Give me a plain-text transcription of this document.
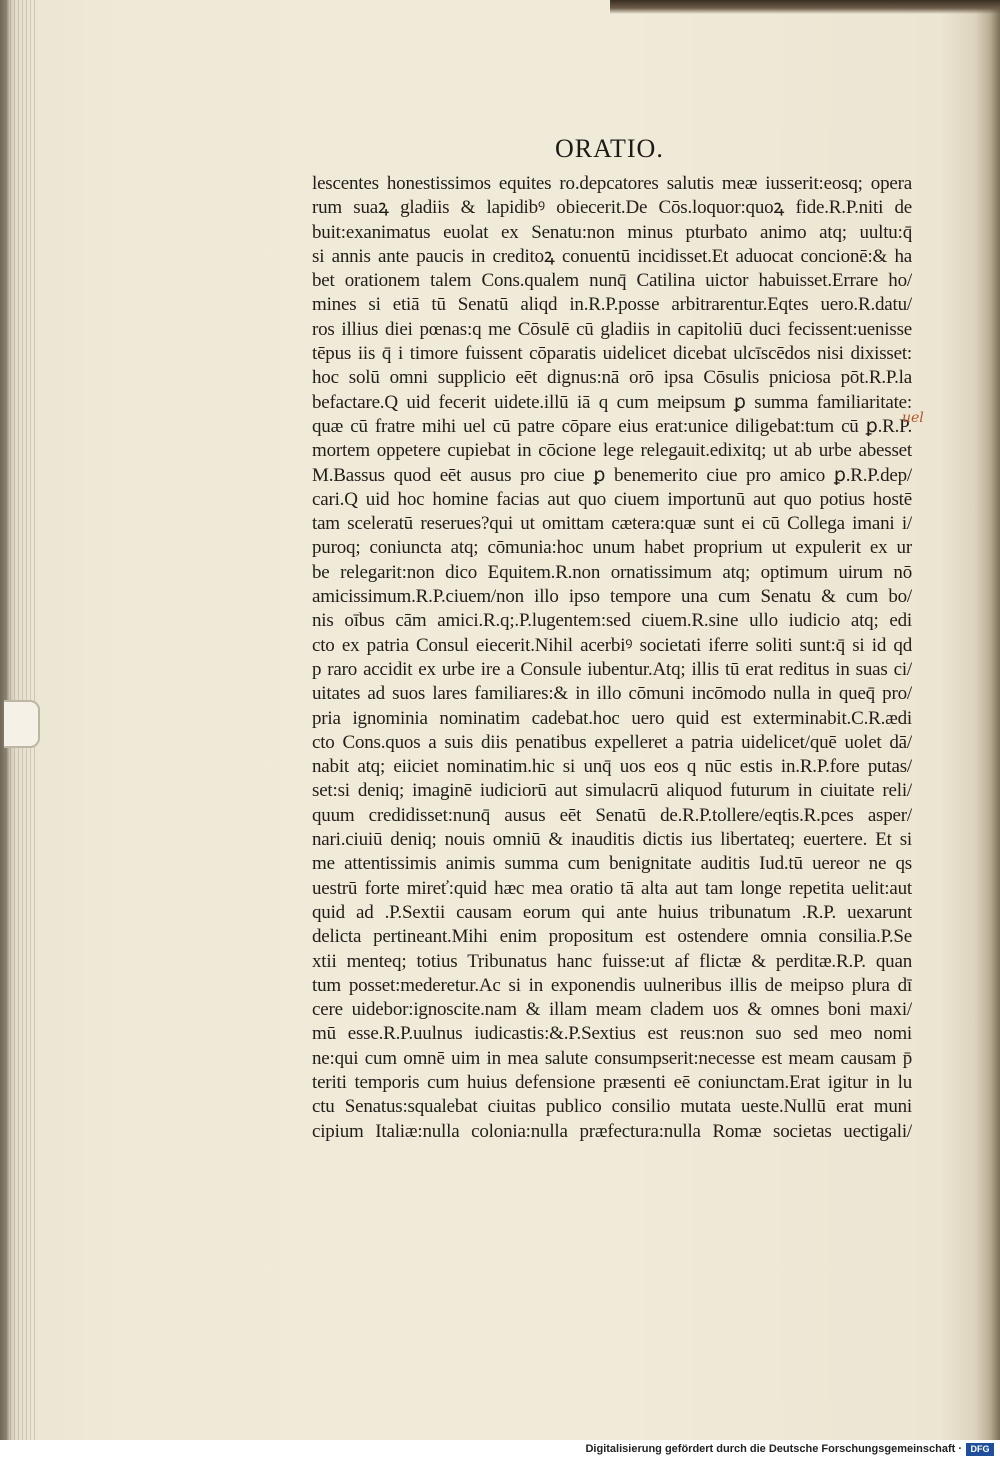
ORATIO.
lescentes honestissimos equites ro.depcatores salutis meæ iusserit:eosq; opera
rum suaꝝ gladiis & lapidibꝰ obiecerit.De Cōs.loquor:quoꝝ fide.R.P.niti de
buit:exanimatus euolat ex Senatu:non minus pturbato animo atq; uultu:q̄
si annis ante paucis in creditoꝝ conuentū incidisset.Et aduocat concionē:& ha
bet orationem talem Cons.qualem nunq̄ Catilina uictor habuisset.Errare ho/
mines si etiā tū Senatū aliqd in.R.P.posse arbitrarentur.Eqtes uero.R.datu/
ros illius diei pœnas:q me Cōsulē cū gladiis in capitoliū duci fecissent:uenisse
tēpus iis q̄ i timore fuissent cōparatis uidelicet dicebat ulcīscēdos nisi dixisset:
hoc solū omni supplicio eēt dignus:nā orō ipsa Cōsulis pniciosa pōt.R.P.la
befactare.Q uid fecerit uidete.illū iā q cum meipsum ꝑ summa familiaritate:
quæ cū fratre mihi uel cū patre cōpare eius erat:unice diligebat:tum cū ꝑ.R.P.
mortem oppetere cupiebat in cōcione lege relegauit.edixitq; ut ab urbe abesset
M.Bassus quod eēt ausus pro ciue ꝑ benemerito ciue pro amico ꝑ.R.P.dep/
cari.Q uid hoc homine facias aut quo ciuem importunū aut quo potius hostē
tam sceleratū reserues?qui ut omittam cætera:quæ sunt ei cū Collega imani i/
puroq; coniuncta atq; cōmunia:hoc unum habet proprium ut expulerit ex ur
be relegarit:non dico Equitem.R.non ornatissimum atq; optimum uirum nō
amicissimum.R.P.ciuem/non illo ipso tempore una cum Senatu & cum bo/
nis oībus cām amici.R.q;.P.lugentem:sed ciuem.R.sine ullo iudicio atq; edi
cto ex patria Consul eiecerit.Nihil acerbiꝰ societati iferre soliti sunt:q̄ si id qd
p raro accidit ex urbe ire a Consule iubentur.Atq; illis tū erat reditus in suas ci/
uitates ad suos lares familiares:& in illo cōmuni incōmodo nulla in queq̄ pro/
pria ignominia nominatim cadebat.hoc uero quid est exterminabit.C.R.ædi
cto Cons.quos a suis diis penatibus expelleret a patria uidelicet/quē uolet dā/
nabit atq; eiiciet nominatim.hic si unq̄ uos eos q nūc estis in.R.P.fore putas/
set:si deniq; imaginē iudiciorū aut simulacrū aliquod futurum in ciuitate reli/
quum credidisset:nunq̄ ausus eēt Senatū de.R.P.tollere/eqtis.R.pces asper/
nari.ciuiū deniq; nouis omniū & inauditis dictis ius libertateq; euertere. Et si
me attentissimis animis summa cum benignitate auditis Iud.tū uereor ne qs
uestrū forte mireť:quid hæc mea oratio tā alta aut tam longe repetita uelit:aut
quid ad .P.Sextii causam eorum qui ante huius tribunatum .R.P. uexarunt
delicta pertineant.Mihi enim propositum est ostendere omnia consilia.P.Se
xtii menteq; totius Tribunatus hanc fuisse:ut af flictæ & perditæ.R.P. quan
tum posset:mederetur.Ac si in exponendis uulneribus illis de meipso plura dī
cere uidebor:ignoscite.nam & illam meam cladem uos & omnes boni maxi/
mū esse.R.P.uulnus iudicastis:&.P.Sextius est reus:non suo sed meo nomi
ne:qui cum omnē uim in mea salute consumpserit:necesse est meam causam p̄
teriti temporis cum huius defensione præsenti eē coniunctam.Erat igitur in lu
ctu Senatus:squalebat ciuitas publico consilio mutata ueste.Nullū erat muni
cipium Italiæ:nulla colonia:nulla præfectura:nulla Romæ societas uectigali/
uel
Digitalisierung gefördert durch die Deutsche Forschungsgemeinschaft · DFG
